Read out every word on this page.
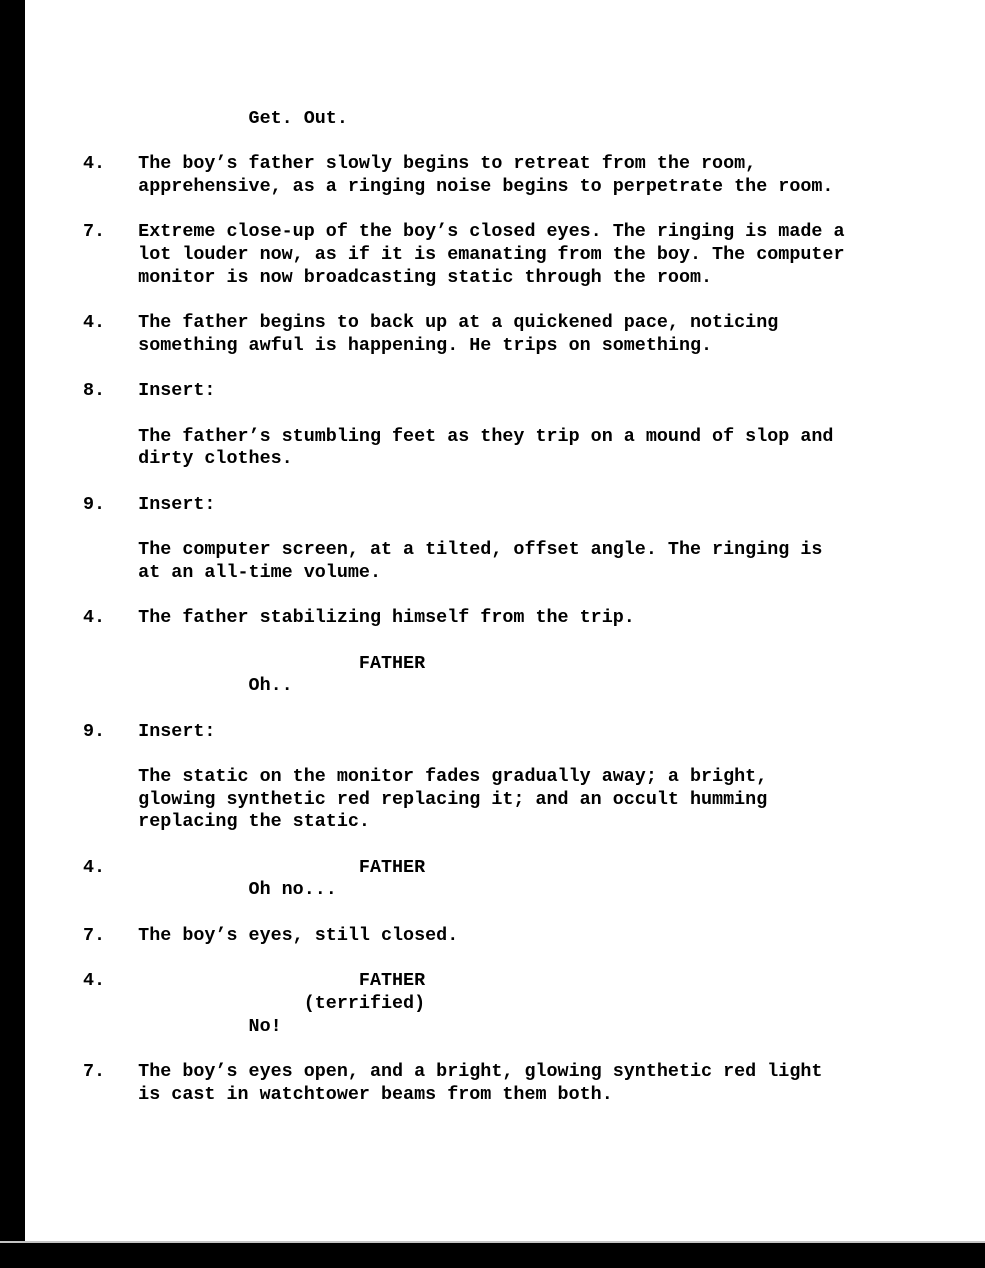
Get. Out.

4.   The boy’s father slowly begins to retreat from the room,
apprehensive, as a ringing noise begins to perpetrate the room.

7.   Extreme close-up of the boy’s closed eyes. The ringing is made a
lot louder now, as if it is emanating from the boy. The computer
monitor is now broadcasting static through the room.

4.   The father begins to back up at a quickened pace, noticing
something awful is happening. He trips on something.

8.   Insert:

The father’s stumbling feet as they trip on a mound of slop and
dirty clothes.

9.   Insert:

The computer screen, at a tilted, offset angle. The ringing is
at an all-time volume.

4.   The father stabilizing himself from the trip.

FATHER
Oh..

9.   Insert:

The static on the monitor fades gradually away; a bright,
glowing synthetic red replacing it; and an occult humming
replacing the static.

4.                       FATHER
Oh no...

7.   The boy’s eyes, still closed.

4.                       FATHER
(terrified)
No!

7.   The boy’s eyes open, and a bright, glowing synthetic red light
is cast in watchtower beams from them both.
